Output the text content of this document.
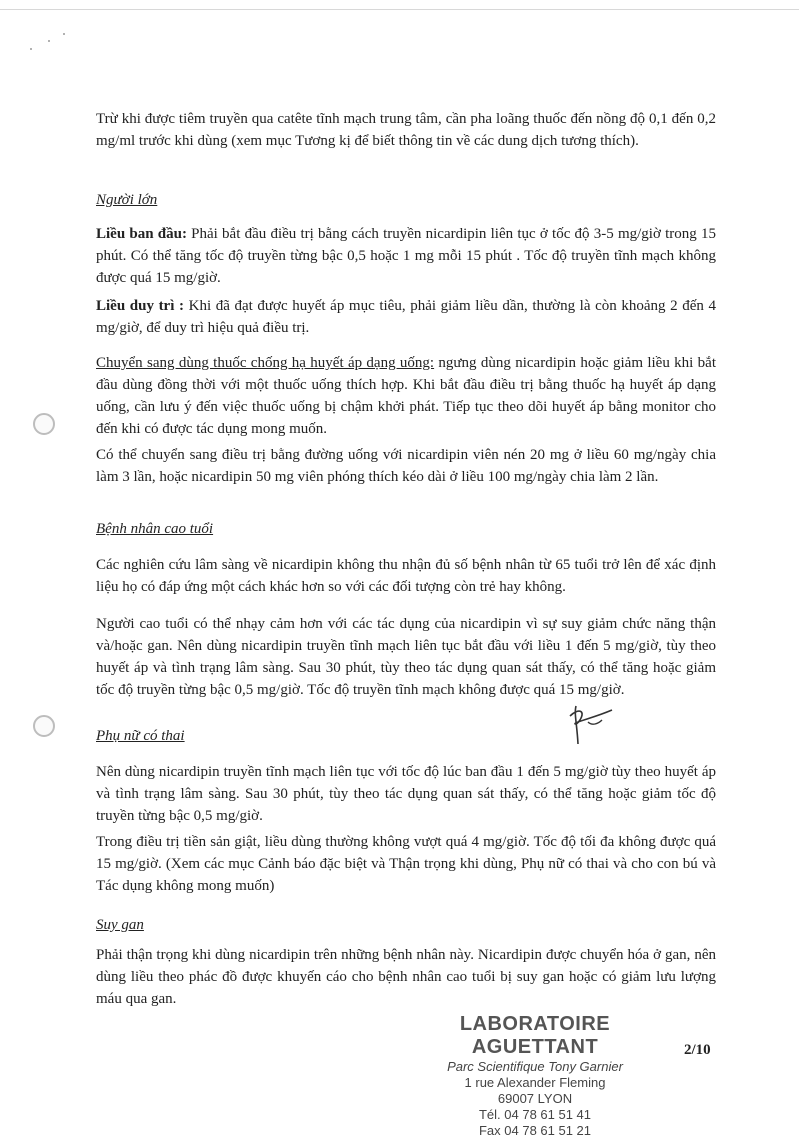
Trừ khi được tiêm truyền qua catête tĩnh mạch trung tâm, cần pha loãng thuốc đến nồng độ 0,1 đến 0,2 mg/ml trước khi dùng (xem mục Tương kị để biết thông tin về các dung dịch tương thích).

Người lớn

Liều ban đầu: Phải bắt đầu điều trị bằng cách truyền nicardipin liên tục ở tốc độ 3-5 mg/giờ trong 15 phút. Có thể tăng tốc độ truyền từng bậc 0,5 hoặc 1 mg mỗi 15 phút . Tốc độ truyền tĩnh mạch không được quá 15 mg/giờ.

Liều duy trì : Khi đã đạt được huyết áp mục tiêu, phải giảm liều dần, thường là còn khoảng 2 đến 4 mg/giờ, để duy trì hiệu quả điều trị.

Chuyển sang dùng thuốc chống hạ huyết áp dạng uống: ngưng dùng nicardipin hoặc giảm liều khi bắt đầu dùng đồng thời với một thuốc uống thích hợp. Khi bắt đầu điều trị bằng thuốc hạ huyết áp dạng uống, cần lưu ý đến việc thuốc uống bị chậm khởi phát. Tiếp tục theo dõi huyết áp bằng monitor cho đến khi có được tác dụng mong muốn.

Có thể chuyển sang điều trị bằng đường uống với nicardipin viên nén 20 mg ở liều 60 mg/ngày chia làm 3 lần, hoặc nicardipin 50 mg viên phóng thích kéo dài ở liều 100 mg/ngày chia làm 2 lần.

Bệnh nhân cao tuổi

Các nghiên cứu lâm sàng về nicardipin không thu nhận đủ số bệnh nhân từ 65 tuổi trở lên để xác định liệu họ có đáp ứng một cách khác hơn so với các đối tượng còn trẻ hay không.

Người cao tuổi có thể nhạy cảm hơn với các tác dụng của nicardipin vì sự suy giảm chức năng thận và/hoặc gan. Nên dùng nicardipin truyền tĩnh mạch liên tục bắt đầu với liều 1 đến 5 mg/giờ, tùy theo huyết áp và tình trạng lâm sàng. Sau 30 phút, tùy theo tác dụng quan sát thấy, có thể tăng hoặc giảm tốc độ truyền từng bậc 0,5 mg/giờ. Tốc độ truyền tĩnh mạch không được quá 15 mg/giờ.

Phụ nữ có thai

Nên dùng nicardipin truyền tĩnh mạch liên tục với tốc độ lúc ban đầu 1 đến 5 mg/giờ tùy theo huyết áp và tình trạng lâm sàng. Sau 30 phút, tùy theo tác dụng quan sát thấy, có thể tăng hoặc giảm tốc độ truyền từng bậc 0,5 mg/giờ.

Trong điều trị tiền sản giật, liều dùng thường không vượt quá 4 mg/giờ. Tốc độ tối đa không được quá 15 mg/giờ. (Xem các mục Cảnh báo đặc biệt và Thận trọng khi dùng, Phụ nữ có thai và cho con bú và Tác dụng không mong muốn)

Suy gan

Phải thận trọng khi dùng nicardipin trên những bệnh nhân này. Nicardipin được chuyển hóa ở gan, nên dùng liều theo phác đồ được khuyến cáo cho bệnh nhân cao tuổi bị suy gan hoặc có giảm lưu lượng máu qua gan.

LABORATOIRE AGUETTANT
Parc Scientifique Tony Garnier
1 rue Alexander Fleming
69007 LYON
Tél. 04 78 61 51 41
Fax 04 78 61 51 21
2/10
